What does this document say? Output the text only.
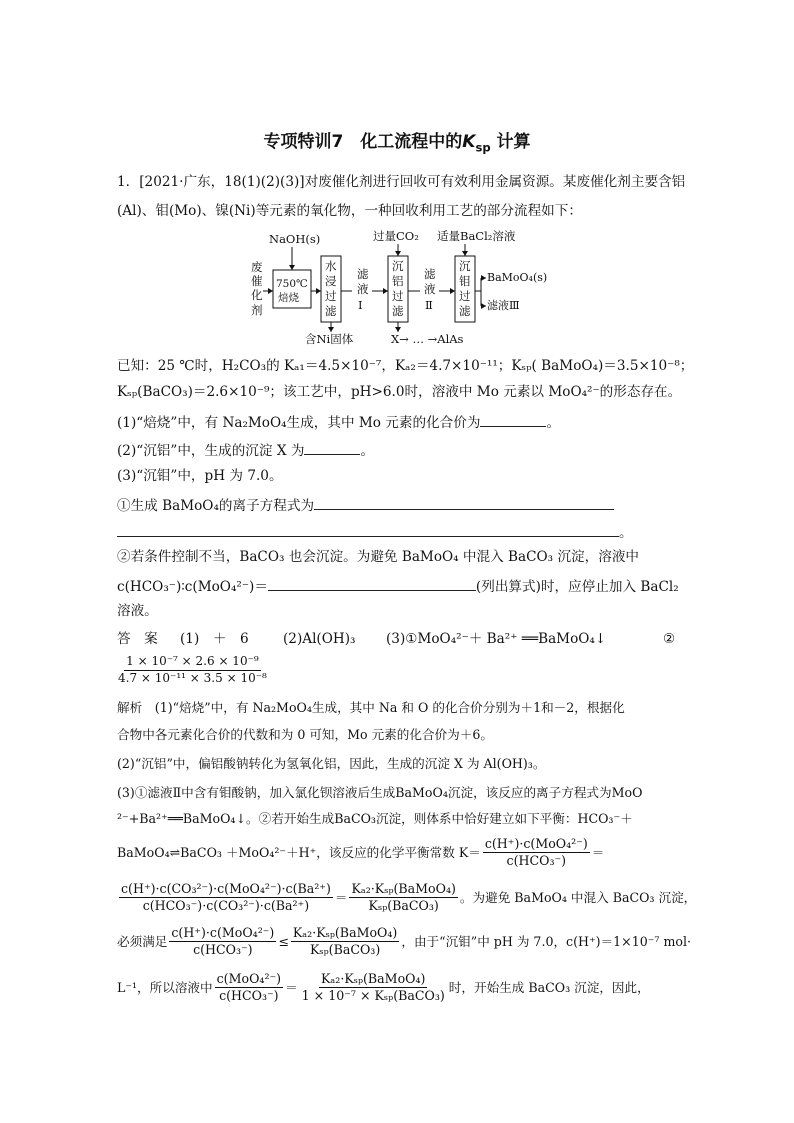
专项特训7　化工流程中的$K_{sp}$ 计算
1．[2021·广东，18(1)(2)(3)]对废催化剂进行回收可有效利用金属资源。某废催化剂主要含铝
(Al)、钼(Mo)、镍(Ni)等元素的氧化物，一种回收利用工艺的部分流程如下：
NaOH(s)	过量CO₂ 适量BaCl₂溶液
废
催
化
剂
750℃
焙烧
水
浸
过
滤
滤
液
Ⅰ
沉
铝
过
滤
滤
液
Ⅱ
沉
钼
过
滤
BaMoO₄(s)
滤液Ⅲ
含Ni固体	X→ … →AlAs
已知：25 ℃时，H₂CO₃的 Kₐ₁＝4.5×10⁻⁷，Kₐ₂＝4.7×10⁻¹¹；Kₛₚ( BaMoO₄)＝3.5×10⁻⁸；
Kₛₚ(BaCO₃)＝2.6×10⁻⁹；该工艺中，pH>6.0时，溶液中 Mo 元素以 MoO₄²⁻的形态存在。
(1)“焙烧”中，有 Na₂MoO₄生成，其中 Mo 元素的化合价为	。
(2)“沉铝”中，生成的沉淀 X 为	。
(3)“沉钼”中，pH 为 7.0。
①生成 BaMoO₄的离子方程式为
。
②若条件控制不当，BaCO₃ 也会沉淀。为避免 BaMoO₄ 中混入 BaCO₃ 沉淀，溶液中
c(HCO₃⁻)∶c(MoO₄²⁻)＝	(列出算式)时，应停止加入 BaCl₂
溶液。
答　案 (1)　＋　6	(2)Al(OH)₃ (3)①MoO₄²⁻＋ Ba²⁺ ══BaMoO₄↓	②
$\frac{\text{1 × 10⁻⁷ × 2.6 × 10⁻⁹}}{\text{4.7 × 10⁻¹¹ × 3.5 × 10⁻⁸}}$
解析　(1)“焙烧”中，有 Na₂MoO₄生成，其中 Na 和 O 的化合价分别为＋1和－2，根据化
合物中各元素化合价的代数和为 0 可知，Mo 元素的化合价为＋6。
(2)“沉铝”中，偏铝酸钠转化为氢氧化铝，因此，生成的沉淀 X 为 Al(OH)₃。
(3)①滤液Ⅱ中含有钼酸钠，加入氯化钡溶液后生成BaMoO₄沉淀，该反应的离子方程式为MoO
²⁻+Ba²⁺══BaMoO₄↓。②若开始生成BaCO₃沉淀，则体系中恰好建立如下平衡：HCO₃⁻＋
BaMoO₄⇌BaCO₃ ＋MoO₄²⁻＋H⁺，该反应的化学平衡常数 $K= \frac{\text{c(H⁺)·c(MoO₄²⁻)}}{\text{c(HCO₃⁻)}}$ ＝
$\frac{\text{c(H⁺)·c(CO₃²⁻)·c(MoO₄²⁻)·c(Ba²⁺)}}{\text{c(HCO₃⁻)·c(CO₃²⁻)·c(Ba²⁺)}} = \frac{\text{Kₐ₂·Kₛₚ(BaMoO₄)}}{\text{Kₛₚ(BaCO₃)}}$ 。为避免 BaMoO₄ 中混入 BaCO₃ 沉淀，
必须满足 $\frac{\text{c(H⁺)·c(MoO₄²⁻)}}{\text{c(HCO₃⁻)}} \le \frac{\text{Kₐ₂·Kₛₚ(BaMoO₄)}}{\text{Kₛₚ(BaCO₃)}}$ ，由于“沉钼”中 pH 为 7.0，c(H⁺)＝1×10⁻⁷ mol·
L⁻¹，所以溶液中 $\frac{\text{c(MoO₄²⁻)}}{\text{c(HCO₃⁻)}} = \frac{\text{Kₐ₂·Kₛₚ(BaMoO₄)}}{\text{1 × 10⁻⁷ × Kₛₚ(BaCO₃)}}$ 时，开始生成 BaCO₃ 沉淀，因此，
